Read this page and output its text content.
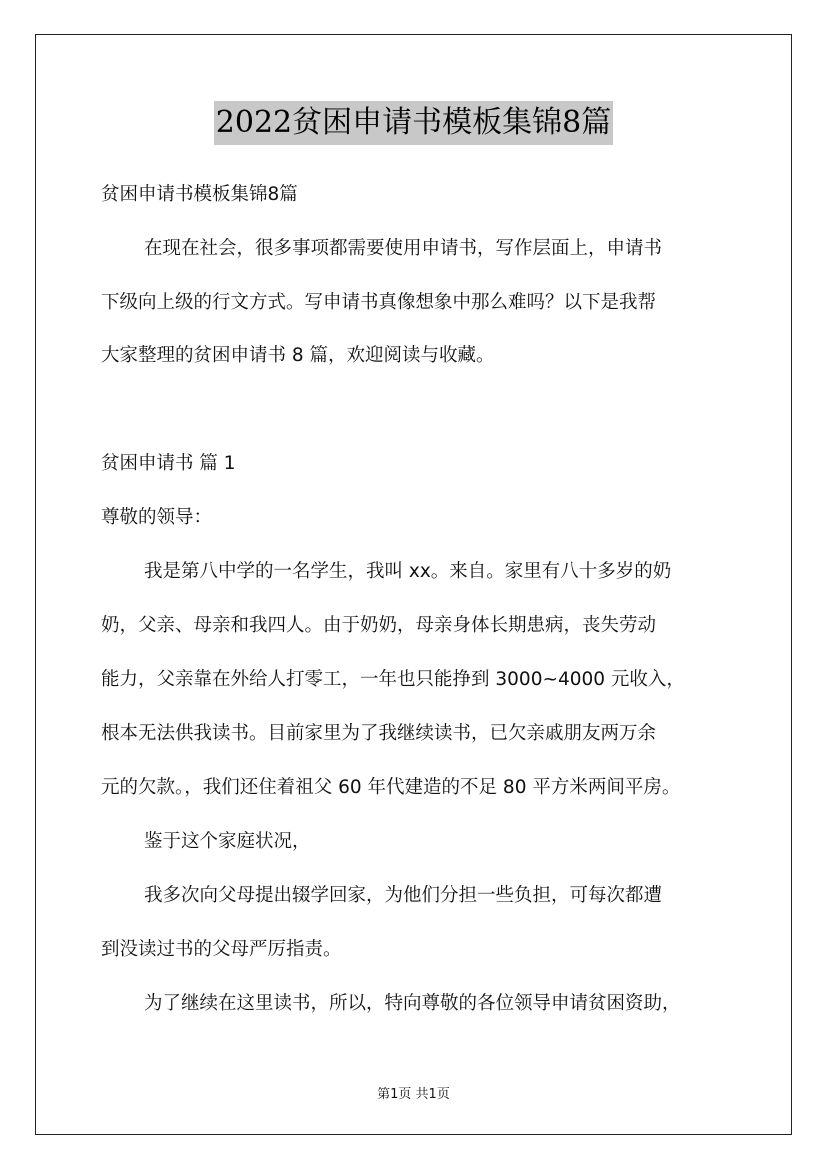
2022贫困申请书模板集锦8篇
贫困申请书模板集锦8篇
在现在社会，很多事项都需要使用申请书，写作层面上，申请书
下级向上级的行文方式。写申请书真像想象中那么难吗？以下是我帮
大家整理的贫困申请书 8 篇，欢迎阅读与收藏。
贫困申请书 篇 1
尊敬的领导：
我是第八中学的一名学生，我叫 xx。来自。家里有八十多岁的奶
奶，父亲、母亲和我四人。由于奶奶，母亲身体长期患病，丧失劳动
能力，父亲靠在外给人打零工，一年也只能挣到 3000~4000 元收入，
根本无法供我读书。目前家里为了我继续读书，已欠亲戚朋友两万余
元的欠款。，我们还住着祖父 60 年代建造的不足 80 平方米两间平房。
鉴于这个家庭状况，
我多次向父母提出辍学回家，为他们分担一些负担，可每次都遭
到没读过书的父母严厉指责。
为了继续在这里读书，所以，特向尊敬的各位领导申请贫困资助，
第1页 共1页
